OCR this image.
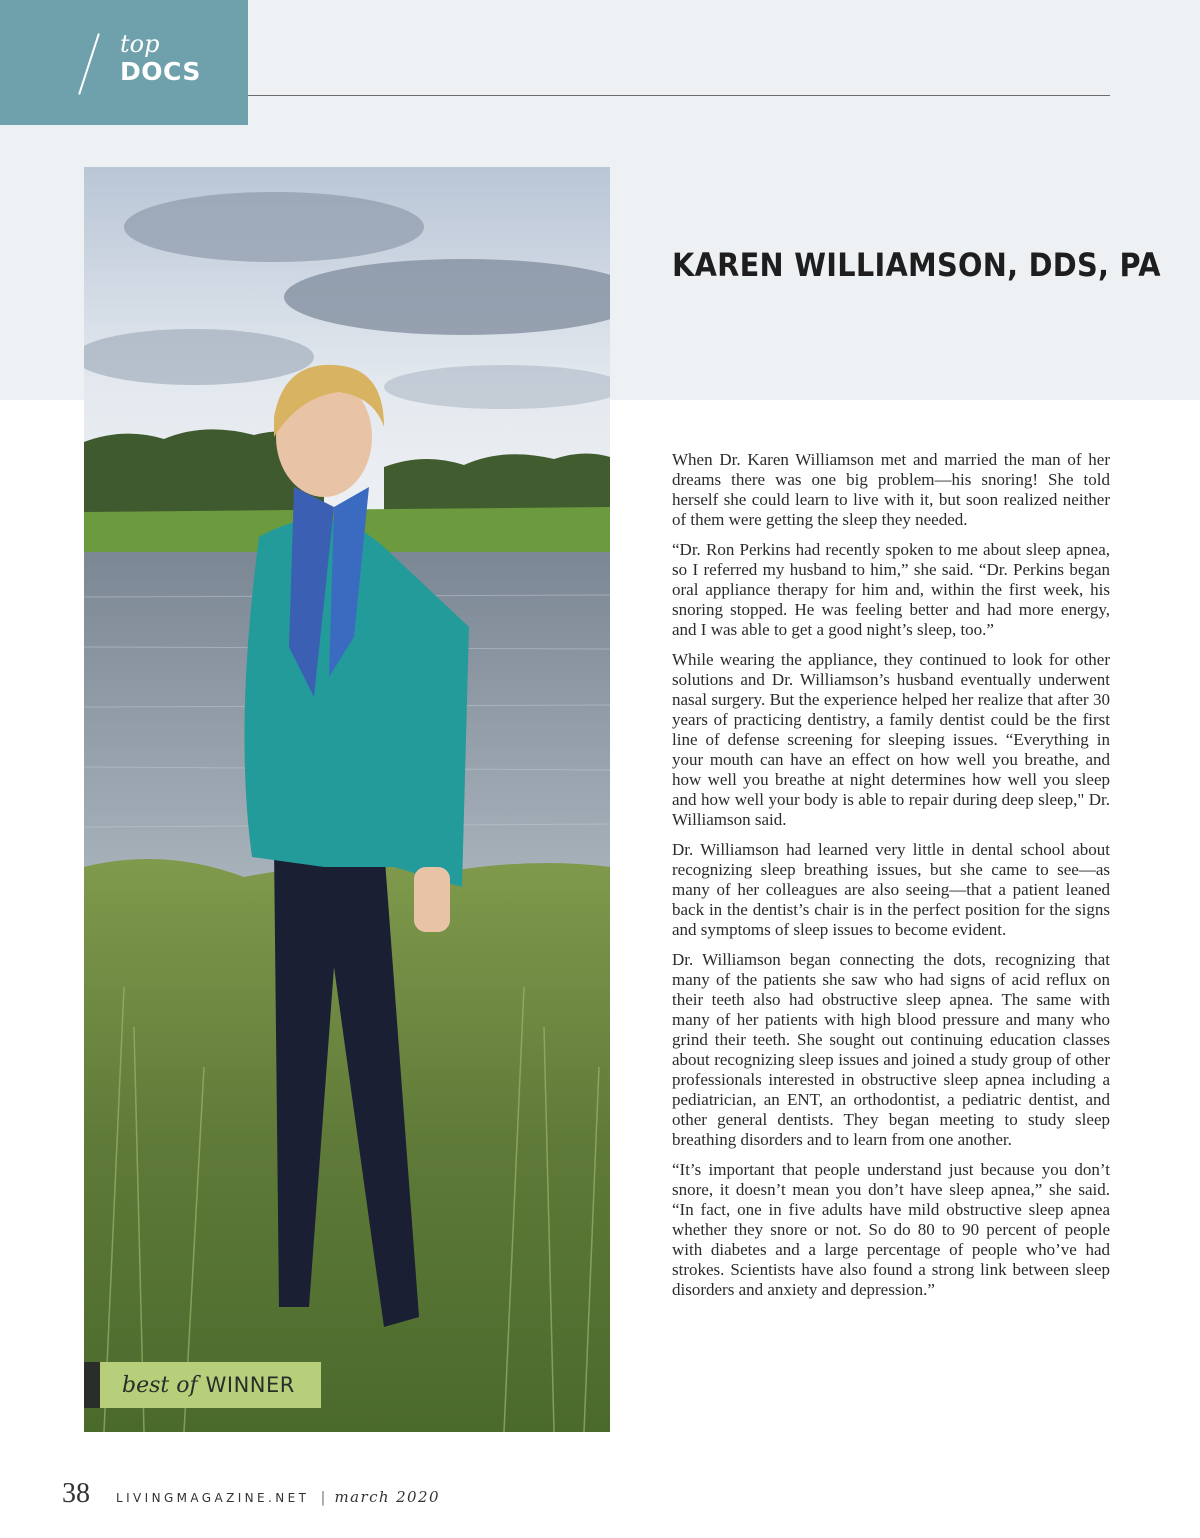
top
DOCS
best of WINNER
KAREN WILLIAMSON, DDS, PA

When Dr. Karen Williamson met and married the man of her dreams there was one big problem—his snoring! She told herself she could learn to live with it, but soon realized neither of them were getting the sleep they needed.

“Dr. Ron Perkins had recently spoken to me about sleep apnea, so I referred my husband to him,” she said. “Dr. Perkins began oral appliance therapy for him and, within the first week, his snoring stopped. He was feeling better and had more energy, and I was able to get a good night’s sleep, too.”

While wearing the appliance, they continued to look for other solutions and Dr. Williamson’s husband eventually underwent nasal surgery. But the experience helped her realize that after 30 years of practicing dentistry, a family dentist could be the first line of defense screening for sleeping issues. “Everything in your mouth can have an effect on how well you breathe, and how well you breathe at night determines how well you sleep and how well your body is able to repair during deep sleep," Dr. Williamson said.

Dr. Williamson had learned very little in dental school about recognizing sleep breathing issues, but she came to see—as many of her colleagues are also seeing—that a patient leaned back in the dentist’s chair is in the perfect position for the signs and symptoms of sleep issues to become evident.

Dr. Williamson began connecting the dots, recognizing that many of the patients she saw who had signs of acid reflux on their teeth also had obstructive sleep apnea. The same with many of her patients with high blood pressure and many who grind their teeth. She sought out continuing education classes about recognizing sleep issues and joined a study group of other professionals interested in obstructive sleep apnea including a pediatrician, an ENT, an orthodontist, a pediatric dentist, and other general dentists. They began meeting to study sleep breathing disorders and to learn from one another.

“It’s important that people understand just because you don’t snore, it doesn’t mean you don’t have sleep apnea,” she said. “In fact, one in five adults have mild obstructive sleep apnea whether they snore or not. So do 80 to 90 percent of people with diabetes and a large percentage of people who’ve had strokes. Scientists have also found a strong link between sleep disorders and anxiety and depression.”

38 LIVINGMAGAZINE.NET | march 2020
